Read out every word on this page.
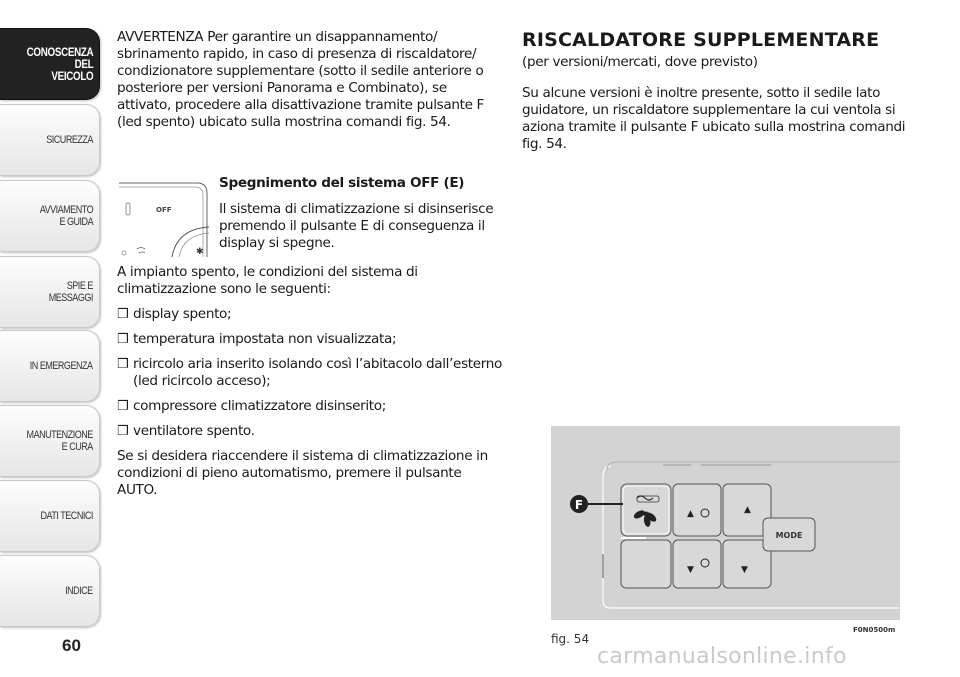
CONOSCENZA
DEL
VEICOLO
SICUREZZA
AVVIAMENTO
E GUIDA
SPIE E
MESSAGGI
IN EMERGENZA
MANUTENZIONE
E CURA
DATI TECNICI
INDICE
60

AVVERTENZA Per garantire un disappannamento/ sbrinamento rapido, in caso di presenza di riscaldatore/ condizionatore supplementare (sotto il sedile anteriore o posteriore per versioni Panorama e Combinato), se attivato, procedere alla disattivazione tramite pulsante F (led spento) ubicato sulla mostrina comandi fig. 54.

OFF
✱

Spegnimento del sistema OFF (E)

Il sistema di climatizzazione si disinserisce premendo il pulsante E di conseguenza il display si spegne.

A impianto spento, le condizioni del sistema di climatizzazione sono le seguenti:

❒ display spento;
❒ temperatura impostata non visualizzata;
❒ ricircolo aria inserito isolando così l’abitacolo dall’esterno (led ricircolo acceso);
❒ compressore climatizzatore disinserito;
❒ ventilatore spento.

Se si desidera riaccendere il sistema di climatizzazione in condizioni di pieno automatismo, premere il pulsante AUTO.

RISCALDATORE SUPPLEMENTARE

(per versioni/mercati, dove previsto)

Su alcune versioni è inoltre presente, sotto il sedile lato guidatore, un riscaldatore supplementare la cui ventola si aziona tramite il pulsante F ubicato sulla mostrina comandi fig. 54.

MODE
▲	▲
▼	▼
F
fig. 54
F0N0500m
carmanualsonline.info
